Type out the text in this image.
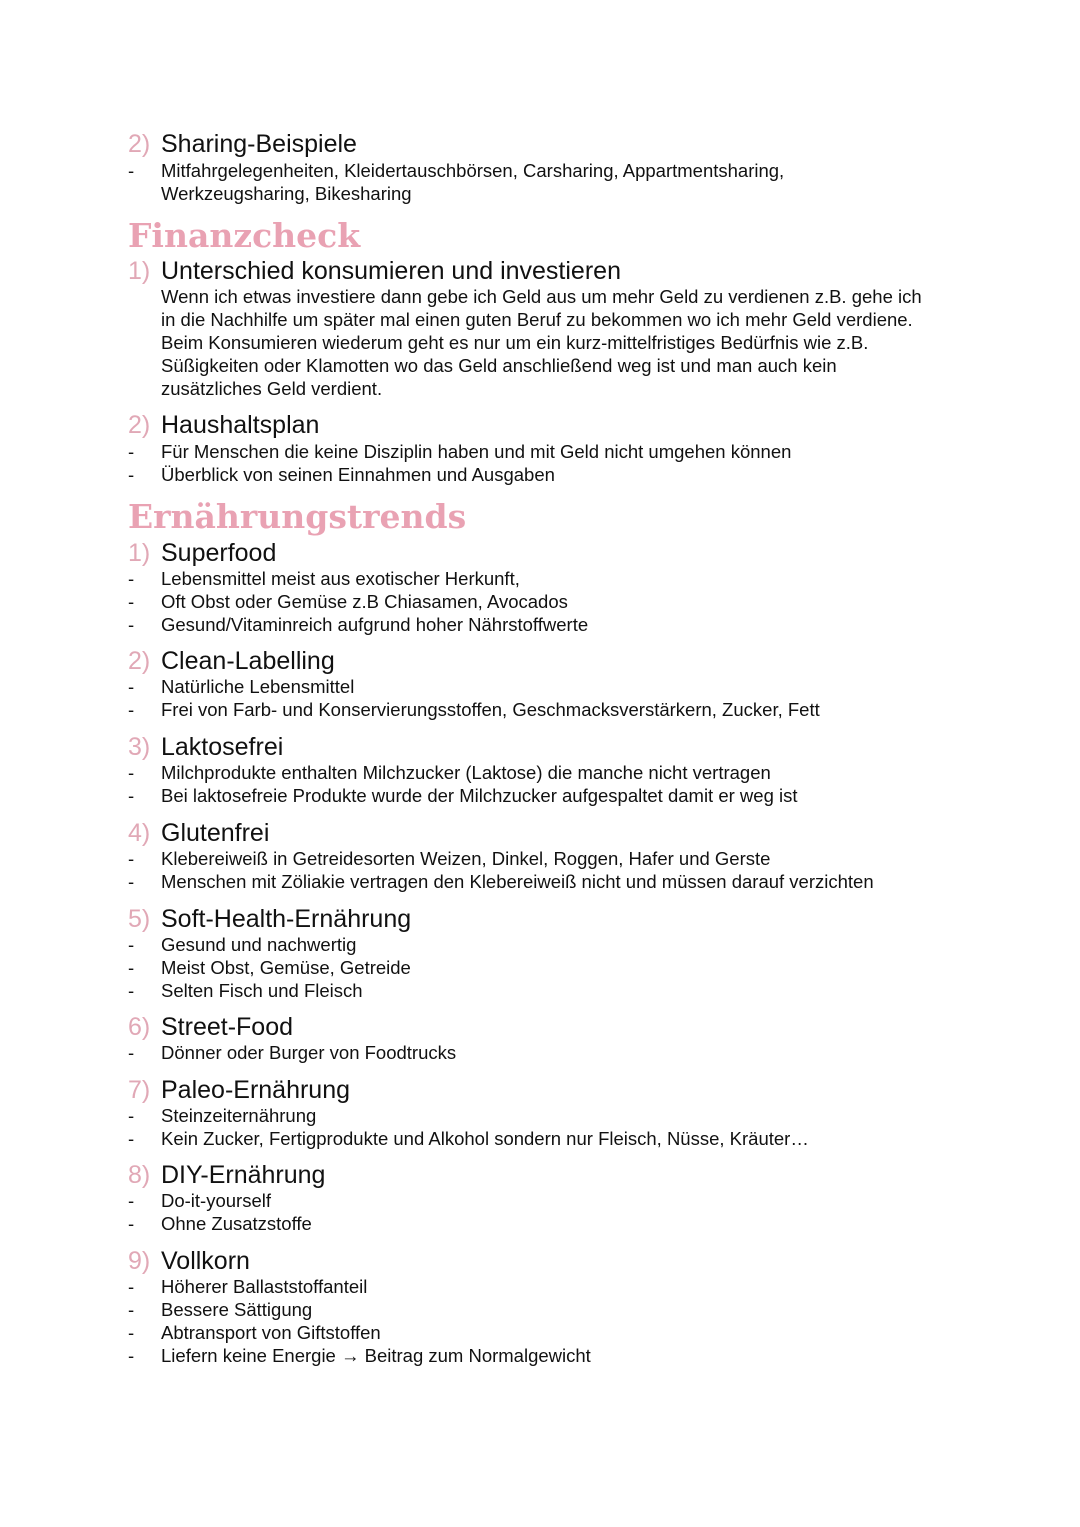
2) Sharing-Beispiele
- Mitfahrgelegenheiten, Kleidertauschbörsen, Carsharing, Appartmentsharing,
Werkzeugsharing, Bikesharing
Finanzcheck
1) Unterschied konsumieren und investieren
Wenn ich etwas investiere dann gebe ich Geld aus um mehr Geld zu verdienen z.B. gehe ich in die Nachhilfe um später mal einen guten Beruf zu bekommen wo ich mehr Geld verdiene. Beim Konsumieren wiederum geht es nur um ein kurz-mittelfristiges Bedürfnis wie z.B. Süßigkeiten oder Klamotten wo das Geld anschließend weg ist und man auch kein zusätzliches Geld verdient.
2) Haushaltsplan
- Für Menschen die keine Disziplin haben und mit Geld nicht umgehen können
- Überblick von seinen Einnahmen und Ausgaben
Ernährungstrends
1) Superfood
- Lebensmittel meist aus exotischer Herkunft,
- Oft Obst oder Gemüse z.B Chiasamen, Avocados
- Gesund/Vitaminreich aufgrund hoher Nährstoffwerte
2) Clean-Labelling
- Natürliche Lebensmittel
- Frei von Farb- und Konservierungsstoffen, Geschmacksverstärkern, Zucker, Fett
3) Laktosefrei
- Milchprodukte enthalten Milchzucker (Laktose) die manche nicht vertragen
- Bei laktosefreie Produkte wurde der Milchzucker aufgespaltet damit er weg ist
4) Glutenfrei
- Klebereiweiß in Getreidesorten Weizen, Dinkel, Roggen, Hafer und Gerste
- Menschen mit Zöliakie vertragen den Klebereiweiß nicht und müssen darauf verzichten
5) Soft-Health-Ernährung
- Gesund und nachwertig
- Meist Obst, Gemüse, Getreide
- Selten Fisch und Fleisch
6) Street-Food
- Dönner oder Burger von Foodtrucks
7) Paleo-Ernährung
- Steinzeiternährung
- Kein Zucker, Fertigprodukte und Alkohol sondern nur Fleisch, Nüsse, Kräuter…
8) DIY-Ernährung
- Do-it-yourself
- Ohne Zusatzstoffe
9) Vollkorn
- Höherer Ballaststoffanteil
- Bessere Sättigung
- Abtransport von Giftstoffen
- Liefern keine Energie → Beitrag zum Normalgewicht
